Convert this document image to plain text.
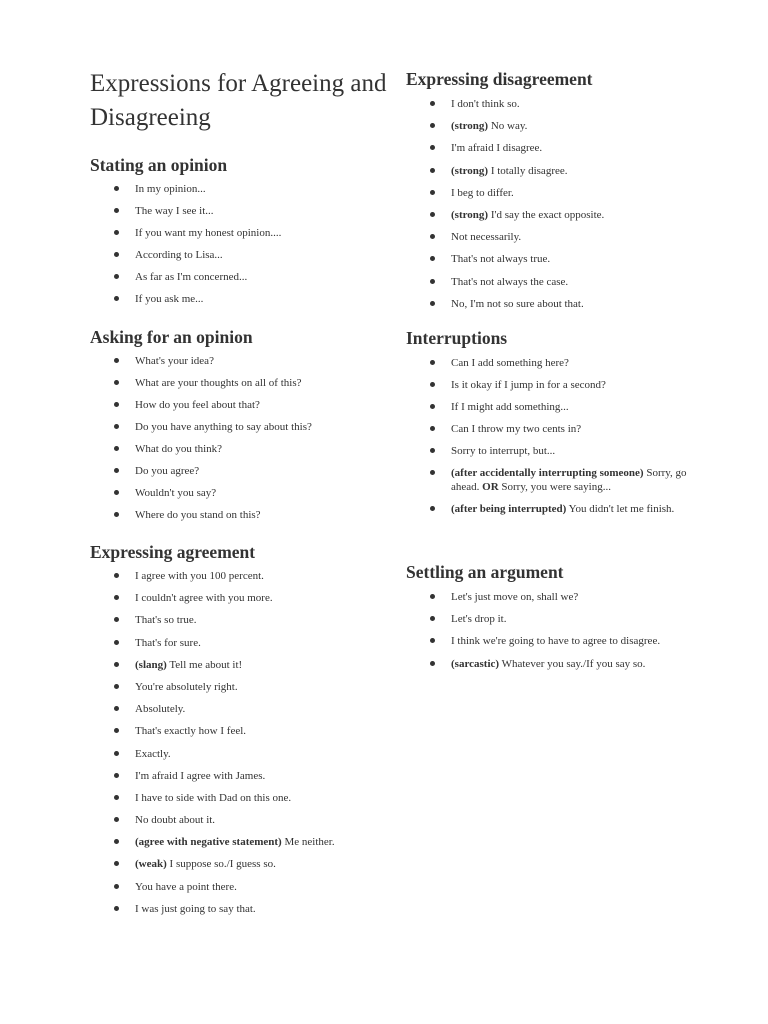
Expressions for Agreeing and Disagreeing
Stating an opinion
In my opinion...
The way I see it...
If you want my honest opinion....
According to Lisa...
As far as I'm concerned...
If you ask me...
Asking for an opinion
What's your idea?
What are your thoughts on all of this?
How do you feel about that?
Do you have anything to say about this?
What do you think?
Do you agree?
Wouldn't you say?
Where do you stand on this?
Expressing agreement
I agree with you 100 percent.
I couldn't agree with you more.
That's so true.
That's for sure.
(slang) Tell me about it!
You're absolutely right.
Absolutely.
That's exactly how I feel.
Exactly.
I'm afraid I agree with James.
I have to side with Dad on this one.
No doubt about it.
(agree with negative statement) Me neither.
(weak) I suppose so./I guess so.
You have a point there.
I was just going to say that.
Expressing disagreement
I don't think so.
(strong) No way.
I'm afraid I disagree.
(strong) I totally disagree.
I beg to differ.
(strong) I'd say the exact opposite.
Not necessarily.
That's not always true.
That's not always the case.
No, I'm not so sure about that.
Interruptions
Can I add something here?
Is it okay if I jump in for a second?
If I might add something...
Can I throw my two cents in?
Sorry to interrupt, but...
(after accidentally interrupting someone) Sorry, go ahead. OR Sorry, you were saying...
(after being interrupted) You didn't let me finish.
Settling an argument
Let's just move on, shall we?
Let's drop it.
I think we're going to have to agree to disagree.
(sarcastic) Whatever you say./If you say so.
